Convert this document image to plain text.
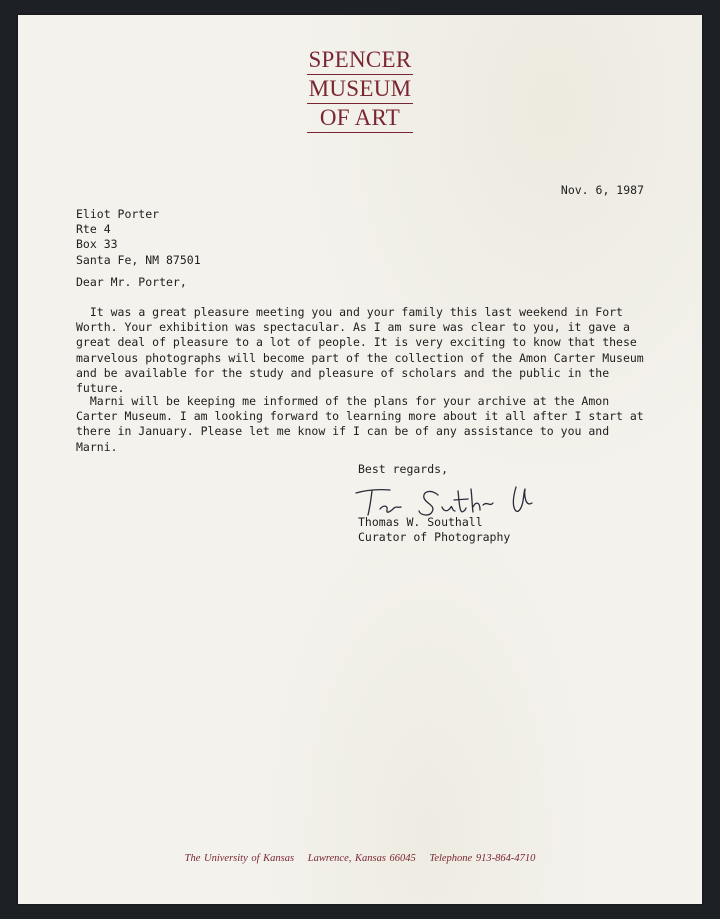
SPENCER
MUSEUM
OF ART

Nov. 6, 1987

Eliot Porter
Rte 4
Box 33
Santa Fe, NM 87501

Dear Mr. Porter,

It was a great pleasure meeting you and your family this last weekend in Fort Worth. Your exhibition was spectacular. As I am sure was clear to you, it gave a great deal of pleasure to a lot of people. It is very exciting to know that these marvelous photographs will become part of the collection of the Amon Carter Museum and be available for the study and pleasure of scholars and the public in the future.

Marni will be keeping me informed of the plans for your archive at the Amon Carter Museum. I am looking forward to learning more about it all after I start at there in January. Please let me know if I can be of any assistance to you and Marni.

Best regards,

Thomas W. Southall
Curator of Photography
The University of Kansas Lawrence, Kansas 66045 Telephone 913-864-4710
